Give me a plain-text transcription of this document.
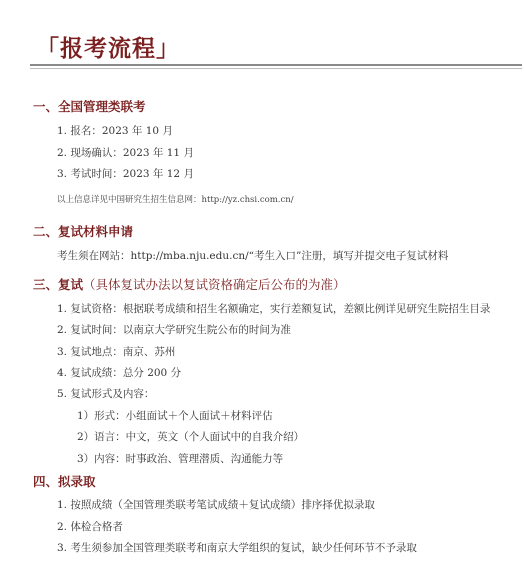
「报考流程」
一、全国管理类联考
1. 报名：2023 年 10 月
2. 现场确认：2023 年 11 月
3. 考试时间：2023 年 12 月
以上信息详见中国研究生招生信息网：http://yz.chsi.com.cn/
二、复试材料申请
考生须在网站：http://mba.nju.edu.cn/“考生入口”注册，填写并提交电子复试材料
三、复试（具体复试办法以复试资格确定后公布的为准）
1. 复试资格：根据联考成绩和招生名额确定，实行差额复试，差额比例详见研究生院招生目录
2. 复试时间：以南京大学研究生院公布的时间为准
3. 复试地点：南京、苏州
4. 复试成绩：总分 200 分
5. 复试形式及内容：
1）形式：小组面试＋个人面试＋材料评估
2）语言：中文，英文（个人面试中的自我介绍）
3）内容：时事政治、管理潜质、沟通能力等
四、拟录取
1. 按照成绩（全国管理类联考笔试成绩＋复试成绩）排序择优拟录取
2. 体检合格者
3. 考生须参加全国管理类联考和南京大学组织的复试，缺少任何环节不予录取
